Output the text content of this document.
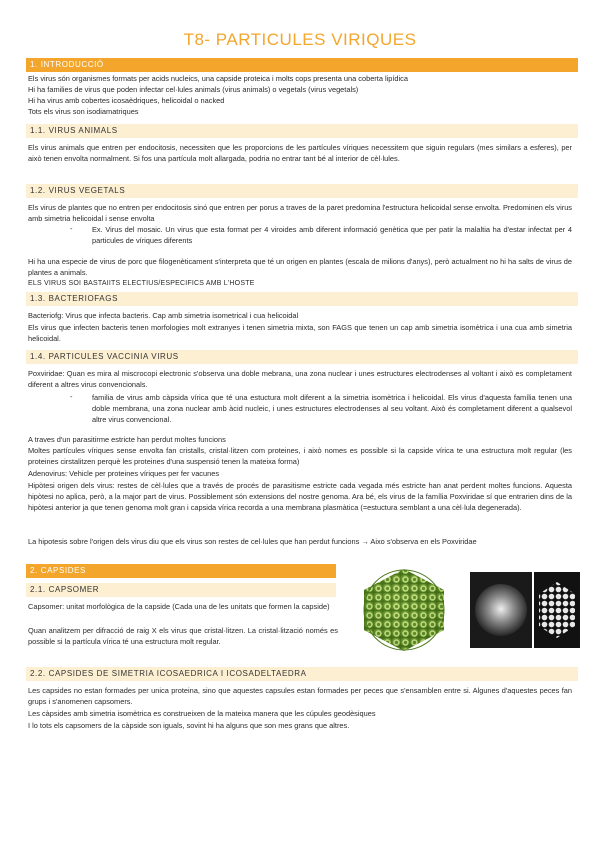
T8- PARTICULES VIRIQUES
1. INTRODUCCIÓ
Els virus són organismes formats per acids nucleics, una capside proteica i molts cops presenta una coberta lipídica
Hi ha families de virus que poden infectar cel·lules animals (virus animals) o vegetals (virus vegetals)
Hi ha virus amb cobertes icosaèdriques, helicoidal o nacked
Tots els virus son isodiamatriques
1.1. VIRUS ANIMALS
Els virus animals que entren per endocitosis, necessiten que les proporcions de les partícules víriques necessitem que siguin regulars (mes similars a esferes), per això tenen envolta normalment. Si fos una partícula molt allargada, podria no entrar tant bé al interior de cèl·lules.
1.2. VIRUS VEGETALS
Els virus de plantes que no entren per endocitosis sinó que entren per porus a traves de la paret predomina l'estructura helicoidal sense envolta. Predominen els virus amb simetria helicoidal i sense envolta
-	Ex. Virus del mosaic. Un virus que esta format per 4 viroides amb diferent informació genètica que per patir la malaltia ha d'estar infectat per 4 particules de víriques diferents
Hi ha una especie de virus de porc que filogenèticament s'interpreta que té un origen en plantes (escala de milions d'anys), però actualment no hi ha salts de virus de plantes a animals.
ELS VIRUS SOI BASTAIITS ELECTIUS/ESPECIFICS AMB L'HOSTE
1.3. BACTERIOFAGS
Bacteriofg: Virus que infecta bacteris. Cap amb simetria isometrical i cua helicoidal
Els virus que infecten bacteris tenen morfologies molt extranyes i tenen simetria mixta, son FAGS que tenen un cap amb simetria isomètrica i una cua amb simetria helicoidal.
1.4. PARTICULES VACCINIA VIRUS
Poxviridae: Quan es mira al miscrocopi electronic s'observa una doble mebrana, una zona nuclear i unes estructures electrodenses al voltant i això es completament diferent a altres virus convencionals.
-	familia de virus amb càpsida vírica que té una estuctura molt diferent a la simetria isomètrica i helicoidal. Els virus d'aquesta família tenen una doble membrana, una zona nuclear amb àcid nucleic, i unes estructures electrodenses al seu voltant. Això és completament diferent a qualsevol altre virus convencional.
A traves d'un parasitirme estricte han perdut moltes funcions
Moltes partícules víriques sense envolta fan cristalls, cristal·litzen com proteines, i això nomes es possible si la capside vírica te una estructura molt regular (les proteines cirstalitzen perquè les proteines d'una suspensió tenen la mateixa forma)
Adenovirus: Vehicle per proteines víriques per fer vacunes
Hipòtesi origen dels virus: restes de cèl·lules que a través de procés de parasitisme estricte cada vegada més estricte han anat perdent moltes funcions. Aquesta hipòtesi no aplica, però, a la major part de virus. Possiblement són extensions del nostre genoma. Ara bé, els virus de la família Poxviridae sí que entrarien dins de la hipòtesi anterior ja que tenen genoma molt gran i capsida vírica recorda a una membrana plasmàtica (=estuctura semblant a una cèl·lula degenerada).
La hipotesis sobre l'origen dels virus diu que els virus son restes de cel·lules que han perdut funcions → Aixo s'observa en els Poxviridae
2. CAPSIDES
2.1. CAPSOMER
Capsomer: unitat morfològica de la capside (Cada una de les unitats que formen la capside)
Quan analitzem per difracció de raig X els virus que cristal·litzen. La cristal·lització només es possible si la partícula vírica té una estructura molt regular.
2.2. CAPSIDES DE SIMETRIA ICOSAEDRICA I ICOSADELTAEDRA
Les capsides no estan formades per unica proteina, sino que aquestes capsules estan formades per peces que s'ensamblen entre si. Algunes d'aquestes peces fan grups i s'anomenen capsomers.
Les càpsides amb simetria isomètrica es construeixen de la mateixa manera que les cúpules geodèsiques
I lo tots els capsomers de la càpside son iguals, sovint hi ha alguns que son mes grans que altres.
